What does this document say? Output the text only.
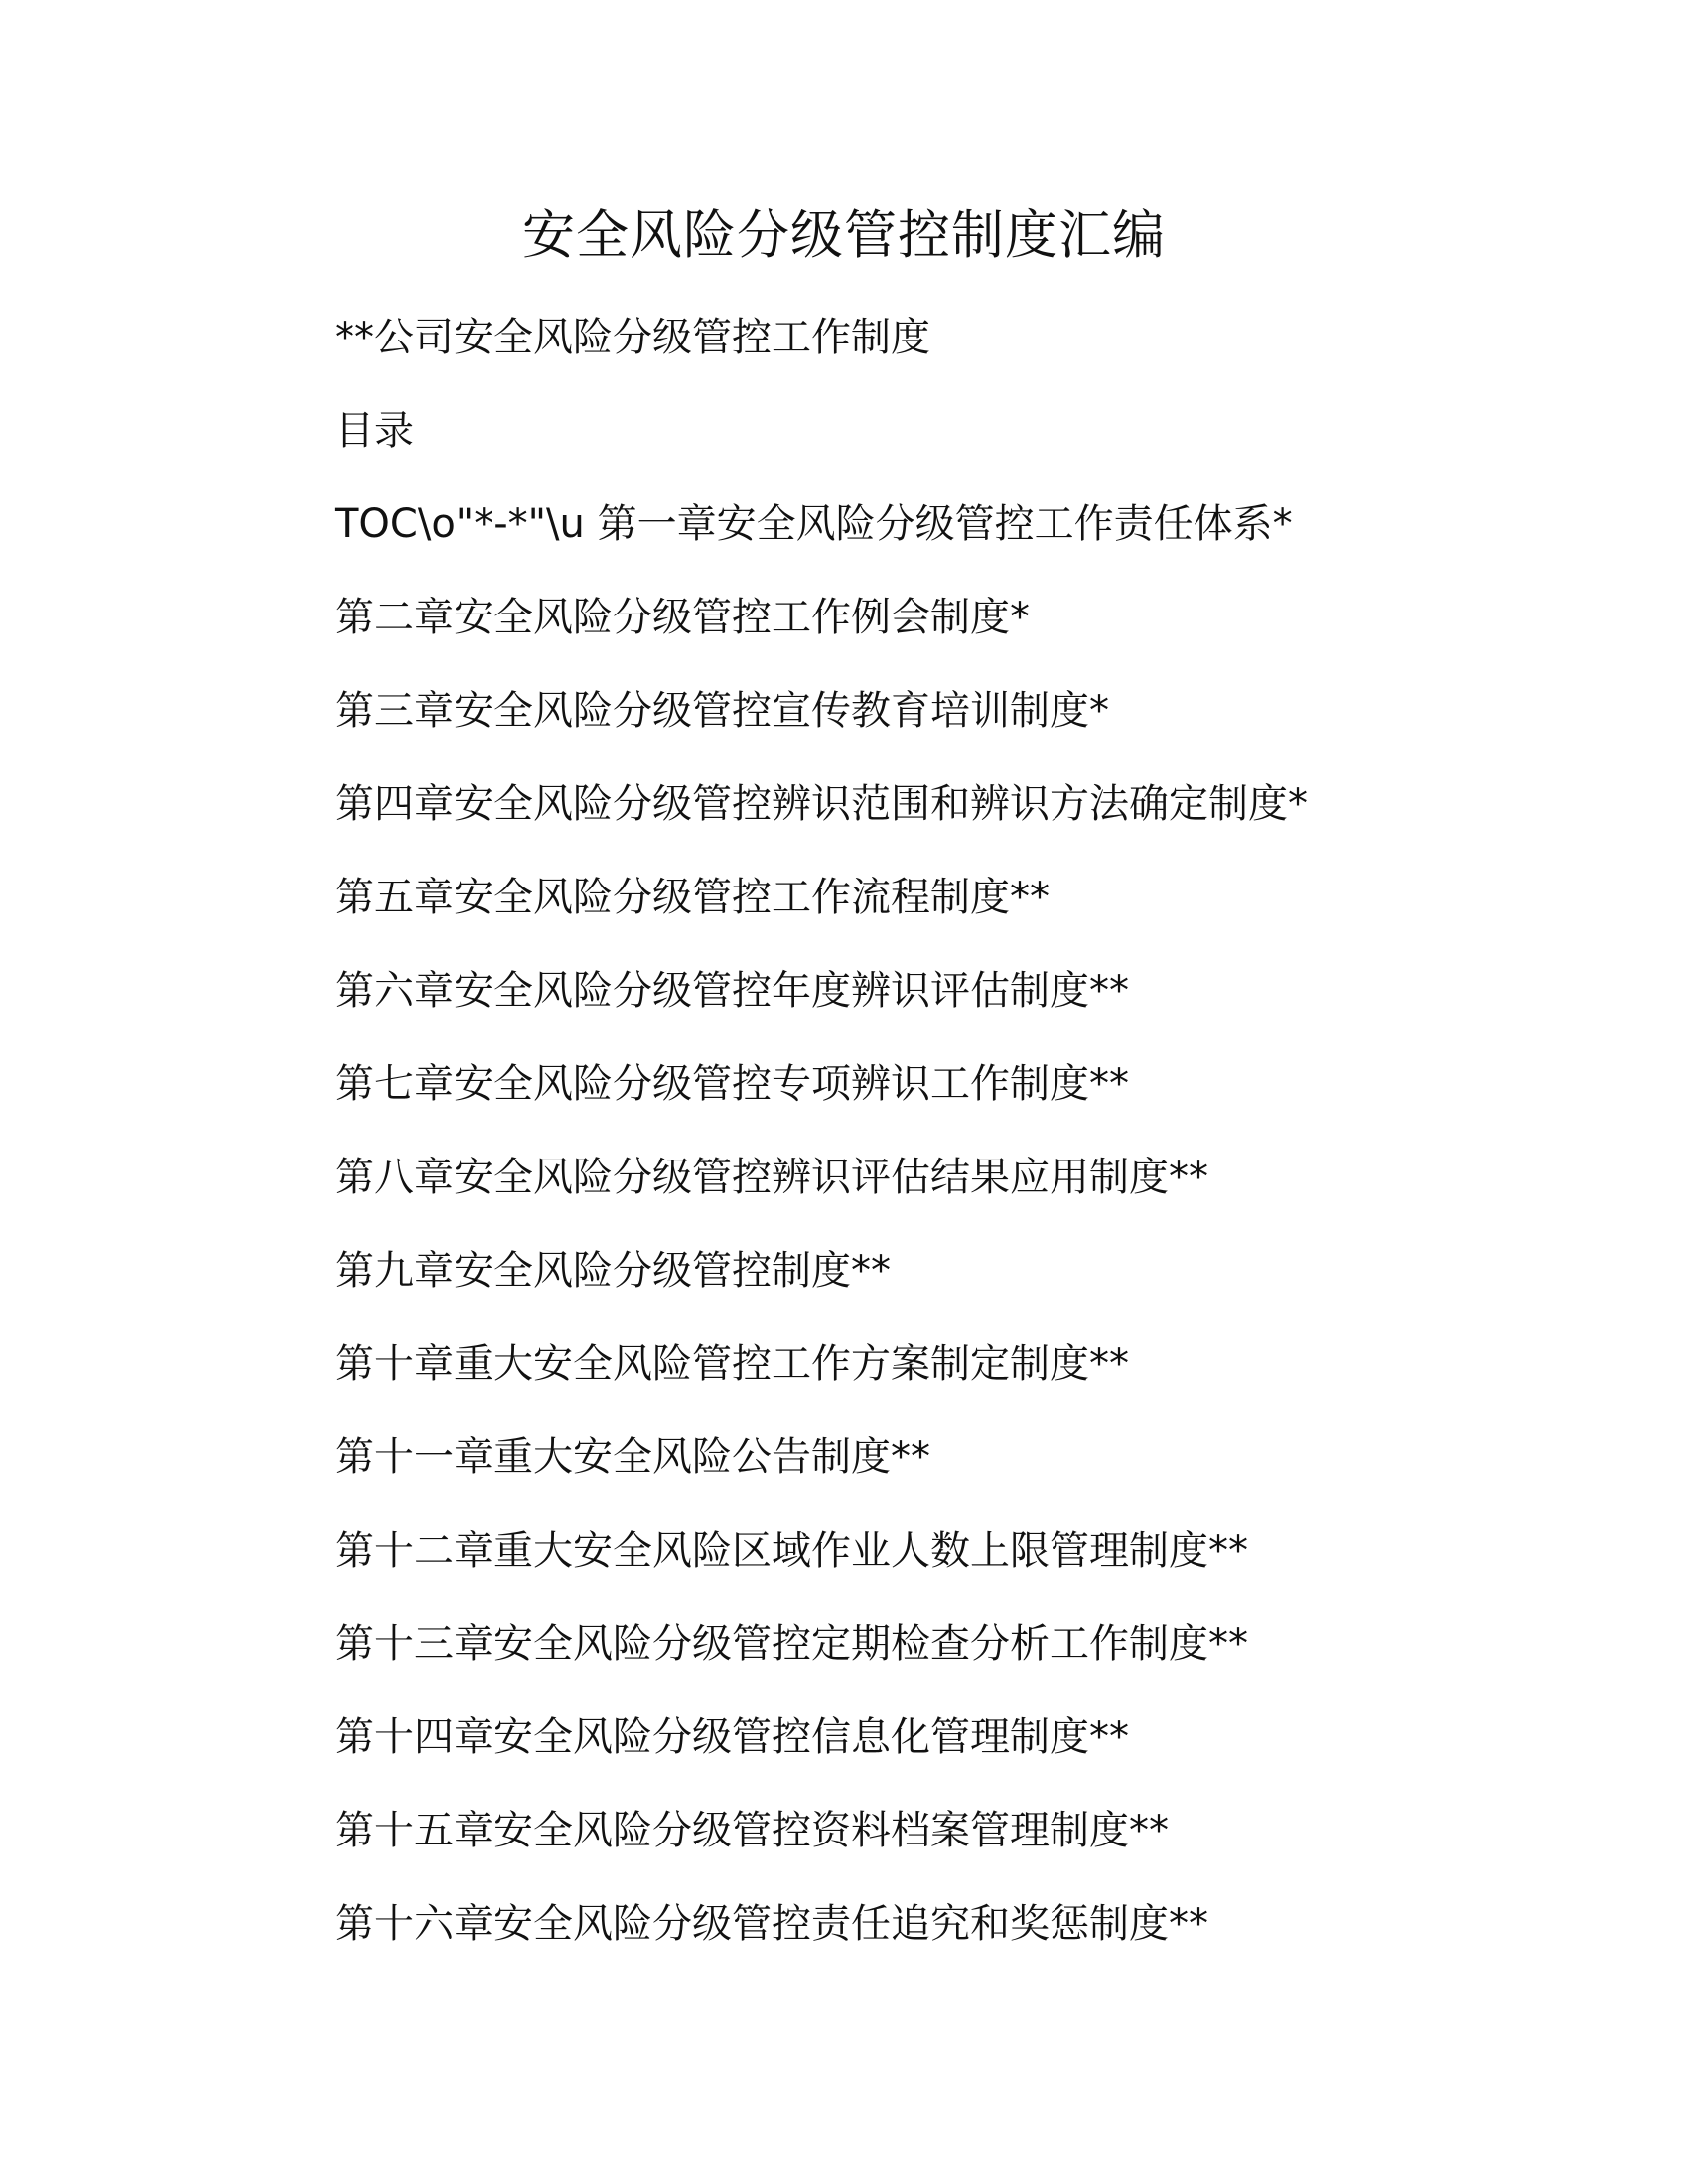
安全风险分级管控制度汇编
**公司安全风险分级管控工作制度
目录
TOC\o"*-*"\u 第一章安全风险分级管控工作责任体系*
第二章安全风险分级管控工作例会制度*
第三章安全风险分级管控宣传教育培训制度*
第四章安全风险分级管控辨识范围和辨识方法确定制度*
第五章安全风险分级管控工作流程制度**
第六章安全风险分级管控年度辨识评估制度**
第七章安全风险分级管控专项辨识工作制度**
第八章安全风险分级管控辨识评估结果应用制度**
第九章安全风险分级管控制度**
第十章重大安全风险管控工作方案制定制度**
第十一章重大安全风险公告制度**
第十二章重大安全风险区域作业人数上限管理制度**
第十三章安全风险分级管控定期检查分析工作制度**
第十四章安全风险分级管控信息化管理制度**
第十五章安全风险分级管控资料档案管理制度**
第十六章安全风险分级管控责任追究和奖惩制度**
